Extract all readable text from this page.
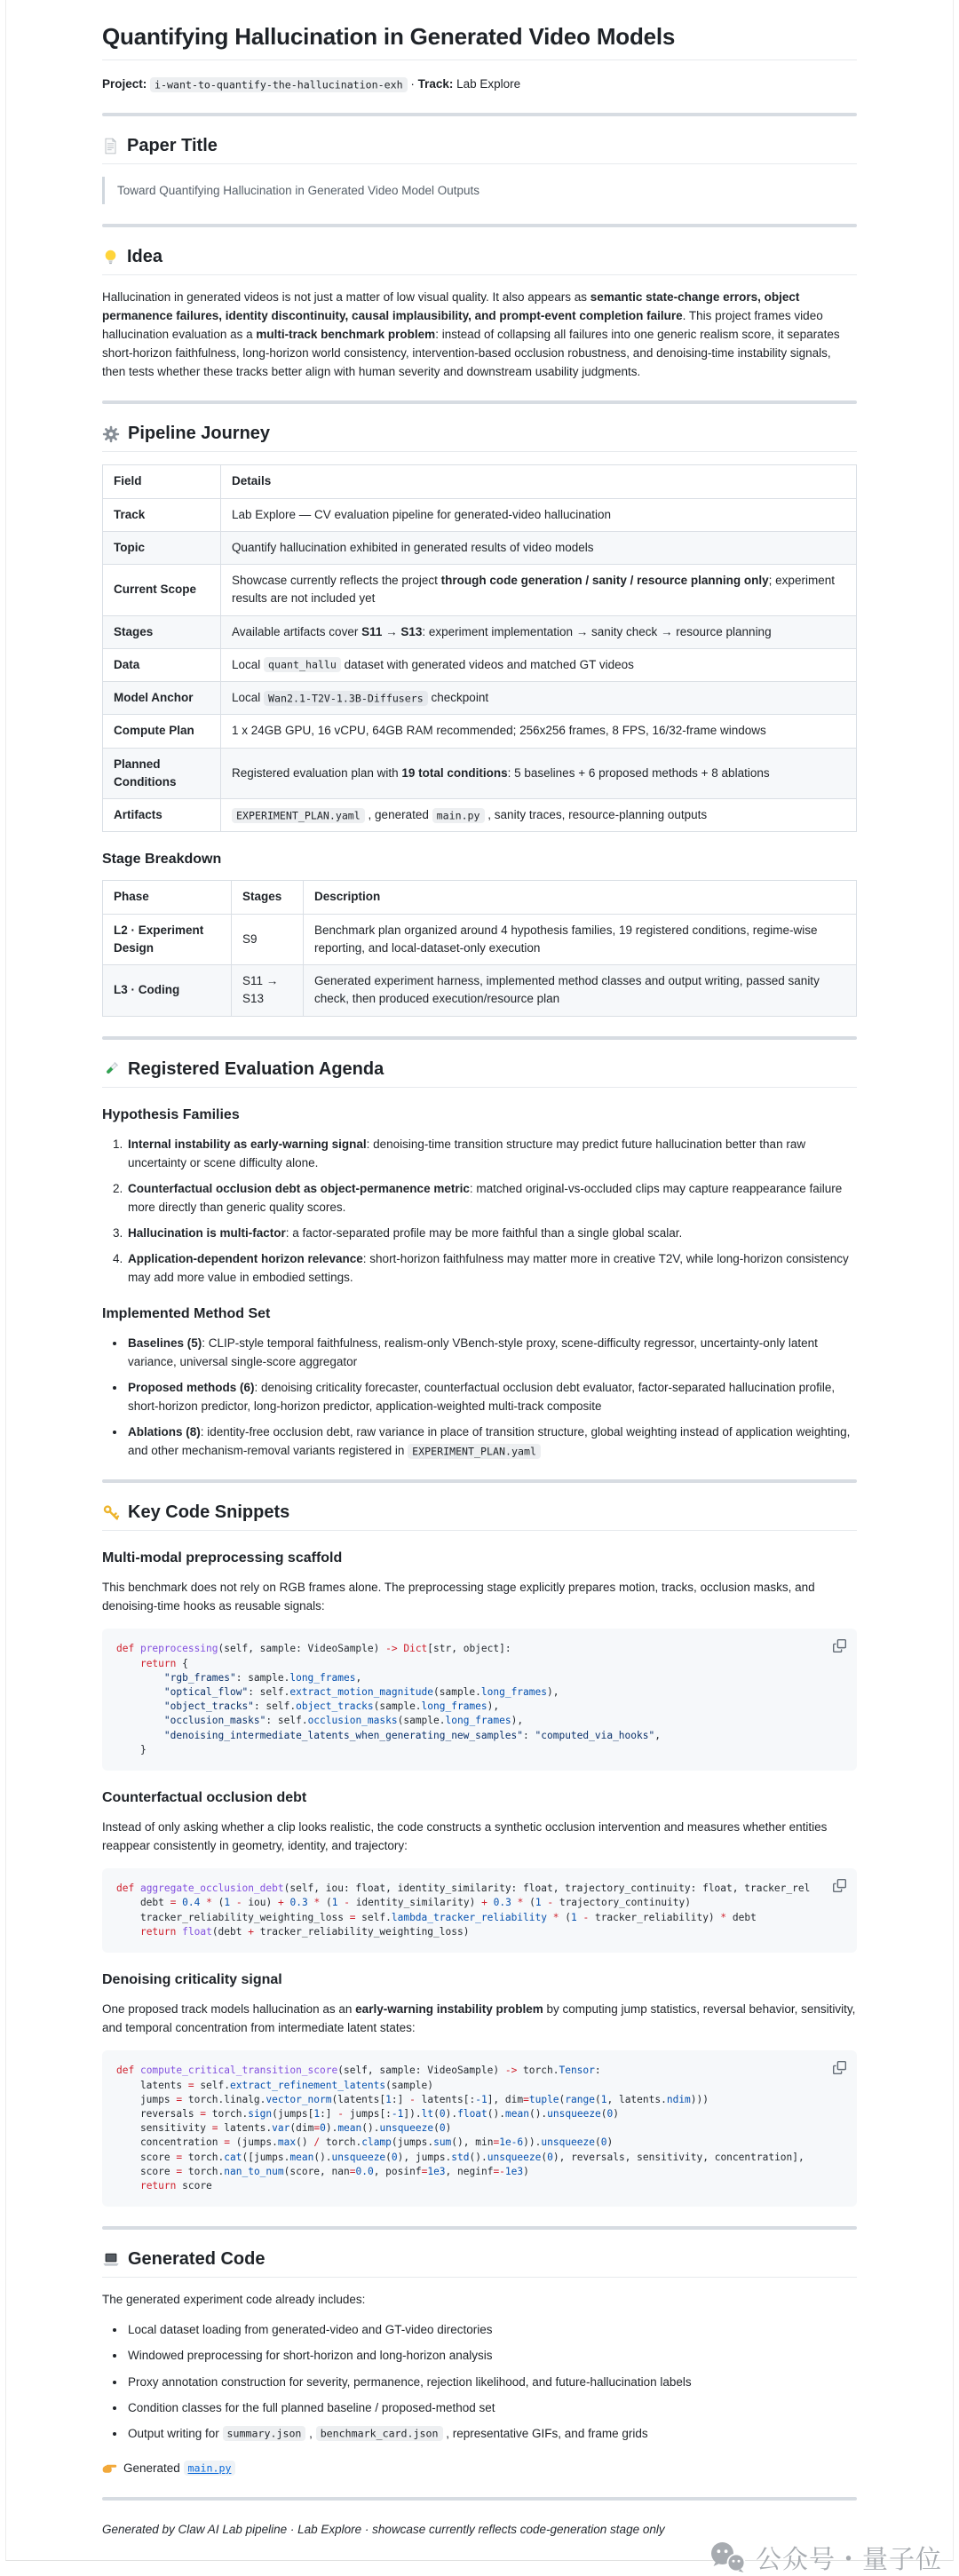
Quantifying Hallucination in Generated Video Models

Project: i-want-to-quantify-the-hallucination-exh · Track: Lab Explore

Paper Title

Toward Quantifying Hallucination in Generated Video Model Outputs

Idea

Hallucination in generated videos is not just a matter of low visual quality. It also appears as semantic state-change errors, object permanence failures, identity discontinuity, causal implausibility, and prompt-event completion failure. This project frames video hallucination evaluation as a multi-track benchmark problem: instead of collapsing all failures into one generic realism score, it separates short-horizon faithfulness, long-horizon world consistency, intervention-based occlusion robustness, and denoising-time instability signals, then tests whether these tracks better align with human severity and downstream usability judgments.

Pipeline Journey
Field	Details
Track	Lab Explore — CV evaluation pipeline for generated-video hallucination
Topic	Quantify hallucination exhibited in generated results of video models
Current Scope	Showcase currently reflects the project through code generation / sanity / resource planning only; experiment results are not included yet
Stages	Available artifacts cover S11 → S13: experiment implementation → sanity check → resource planning
Data	Local quant_hallu dataset with generated videos and matched GT videos
Model Anchor	Local Wan2.1-T2V-1.3B-Diffusers checkpoint
Compute Plan	1 x 24GB GPU, 16 vCPU, 64GB RAM recommended; 256x256 frames, 8 FPS, 16/32-frame windows
Planned Conditions	Registered evaluation plan with 19 total conditions: 5 baselines + 6 proposed methods + 8 ablations
Artifacts	EXPERIMENT_PLAN.yaml , generated main.py , sanity traces, resource-planning outputs
Stage Breakdown
Phase	Stages	Description
L2 · Experiment Design	S9	Benchmark plan organized around 4 hypothesis families, 19 registered conditions, regime-wise reporting, and local-dataset-only execution
L3 · Coding	S11 → S13	Generated experiment harness, implemented method classes and output writing, passed sanity check, then produced execution/resource plan
Registered Evaluation Agenda
Hypothesis Families
1. Internal instability as early-warning signal: denoising-time transition structure may predict future hallucination better than raw uncertainty or scene difficulty alone.
2. Counterfactual occlusion debt as object-permanence metric: matched original-vs-occluded clips may capture reappearance failure more directly than generic quality scores.
3. Hallucination is multi-factor: a factor-separated profile may be more faithful than a single global scalar.
4. Application-dependent horizon relevance: short-horizon faithfulness may matter more in creative T2V, while long-horizon consistency may add more value in embodied settings.
Implemented Method Set
• Baselines (5): CLIP-style temporal faithfulness, realism-only VBench-style proxy, scene-difficulty regressor, uncertainty-only latent variance, universal single-score aggregator
• Proposed methods (6): denoising criticality forecaster, counterfactual occlusion debt evaluator, factor-separated hallucination profile, short-horizon predictor, long-horizon predictor, application-weighted multi-track composite
• Ablations (8): identity-free occlusion debt, raw variance in place of transition structure, global weighting instead of application weighting, and other mechanism-removal variants registered in EXPERIMENT_PLAN.yaml
Key Code Snippets
Multi-modal preprocessing scaffold

This benchmark does not rely on RGB frames alone. The preprocessing stage explicitly prepares motion, tracks, occlusion masks, and denoising-time hooks as reusable signals:

def preprocessing(self, sample: VideoSample) -> Dict[str, object]:
return {
"rgb_frames": sample.long_frames,
"optical_flow": self.extract_motion_magnitude(sample.long_frames),
"object_tracks": self.object_tracks(sample.long_frames),
"occlusion_masks": self.occlusion_masks(sample.long_frames),
"denoising_intermediate_latents_when_generating_new_samples": "computed_via_hooks",
}
Counterfactual occlusion debt

Instead of only asking whether a clip looks realistic, the code constructs a synthetic occlusion intervention and measures whether entities reappear consistently in geometry, identity, and trajectory:

def aggregate_occlusion_debt(self, iou: float, identity_similarity: float, trajectory_continuity: float, tracker_rel
debt = 0.4 * (1 - iou) + 0.3 * (1 - identity_similarity) + 0.3 * (1 - trajectory_continuity)
tracker_reliability_weighting_loss = self.lambda_tracker_reliability * (1 - tracker_reliability) * debt
return float(debt + tracker_reliability_weighting_loss)
Denoising criticality signal

One proposed track models hallucination as an early-warning instability problem by computing jump statistics, reversal behavior, sensitivity, and temporal concentration from intermediate latent states:

def compute_critical_transition_score(self, sample: VideoSample) -> torch.Tensor:
latents = self.extract_refinement_latents(sample)
jumps = torch.linalg.vector_norm(latents[1:] - latents[:-1], dim=tuple(range(1, latents.ndim)))
reversals = torch.sign(jumps[1:] - jumps[:-1]).lt(0).float().mean().unsqueeze(0)
sensitivity = latents.var(dim=0).mean().unsqueeze(0)
concentration = (jumps.max() / torch.clamp(jumps.sum(), min=1e-6)).unsqueeze(0)
score = torch.cat([jumps.mean().unsqueeze(0), jumps.std().unsqueeze(0), reversals, sensitivity, concentration],
score = torch.nan_to_num(score, nan=0.0, posinf=1e3, neginf=-1e3)
return score
Generated Code

The generated experiment code already includes:

• Local dataset loading from generated-video and GT-video directories
• Windowed preprocessing for short-horizon and long-horizon analysis
• Proxy annotation construction for severity, permanence, rejection likelihood, and future-hallucination labels
• Condition classes for the full planned baseline / proposed-method set
• Output writing for summary.json , benchmark_card.json , representative GIFs, and frame grids

Generated main.py

Generated by Claw AI Lab pipeline · Lab Explore · showcase currently reflects code-generation stage only

公众号・量子位
